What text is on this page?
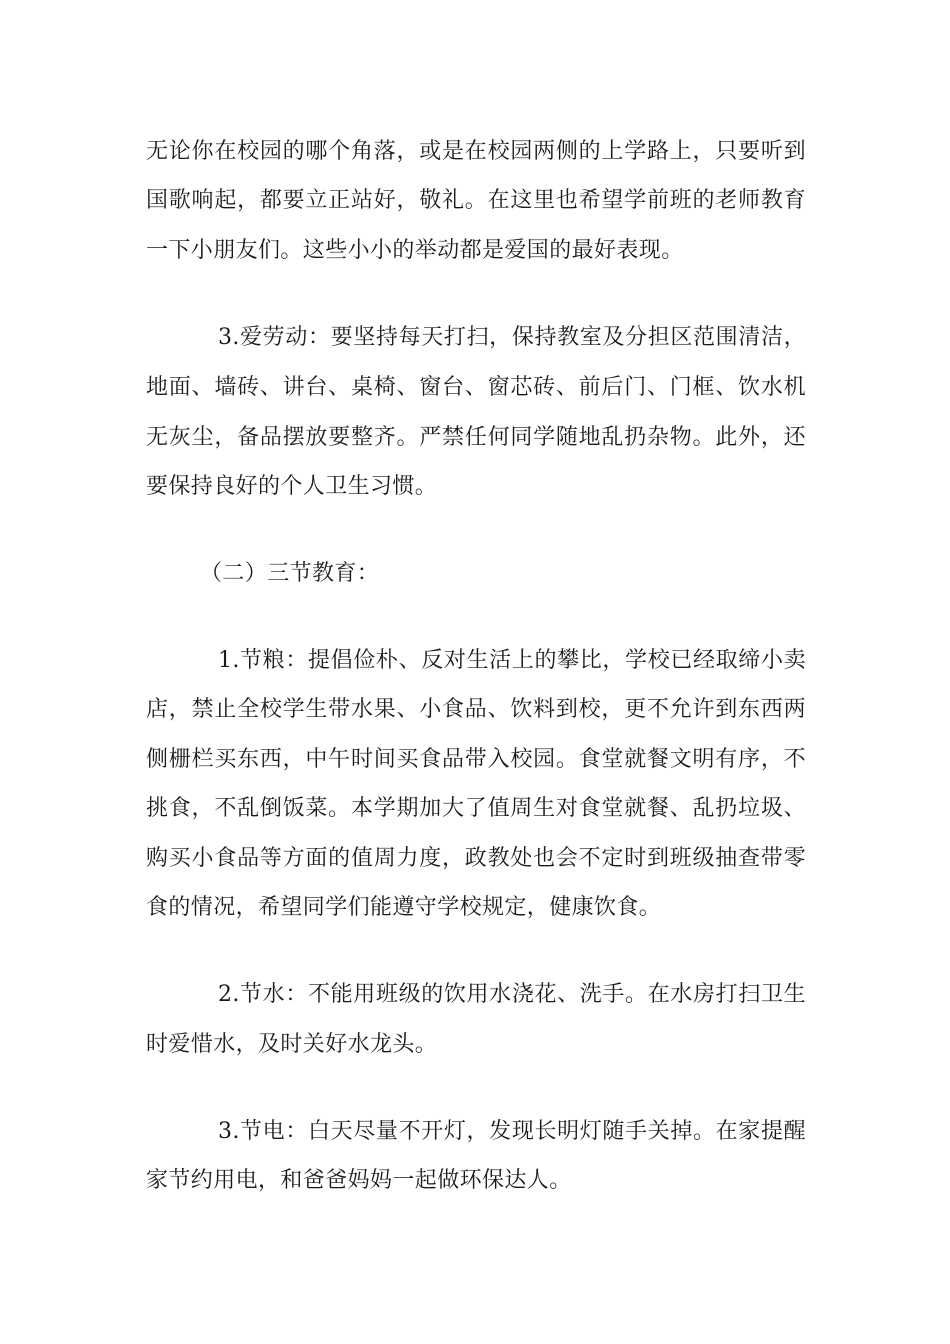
无论你在校园的哪个角落，或是在校园两侧的上学路上，只要听到
国歌响起，都要立正站好，敬礼。在这里也希望学前班的老师教育
一下小朋友们。这些小小的举动都是爱国的最好表现。
3.爱劳动：要坚持每天打扫，保持教室及分担区范围清洁，
地面、墙砖、讲台、桌椅、窗台、窗芯砖、前后门、门框、饮水机
无灰尘，备品摆放要整齐。严禁任何同学随地乱扔杂物。此外，还
要保持良好的个人卫生习惯。
（二）三节教育：
1.节粮：提倡俭朴、反对生活上的攀比，学校已经取缔小卖
店，禁止全校学生带水果、小食品、饮料到校，更不允许到东西两
侧栅栏买东西，中午时间买食品带入校园。食堂就餐文明有序，不
挑食，不乱倒饭菜。本学期加大了值周生对食堂就餐、乱扔垃圾、
购买小食品等方面的值周力度，政教处也会不定时到班级抽查带零
食的情况，希望同学们能遵守学校规定，健康饮食。
2.节水：不能用班级的饮用水浇花、洗手。在水房打扫卫生
时爱惜水，及时关好水龙头。
3.节电：白天尽量不开灯，发现长明灯随手关掉。在家提醒
家节约用电，和爸爸妈妈一起做环保达人。
